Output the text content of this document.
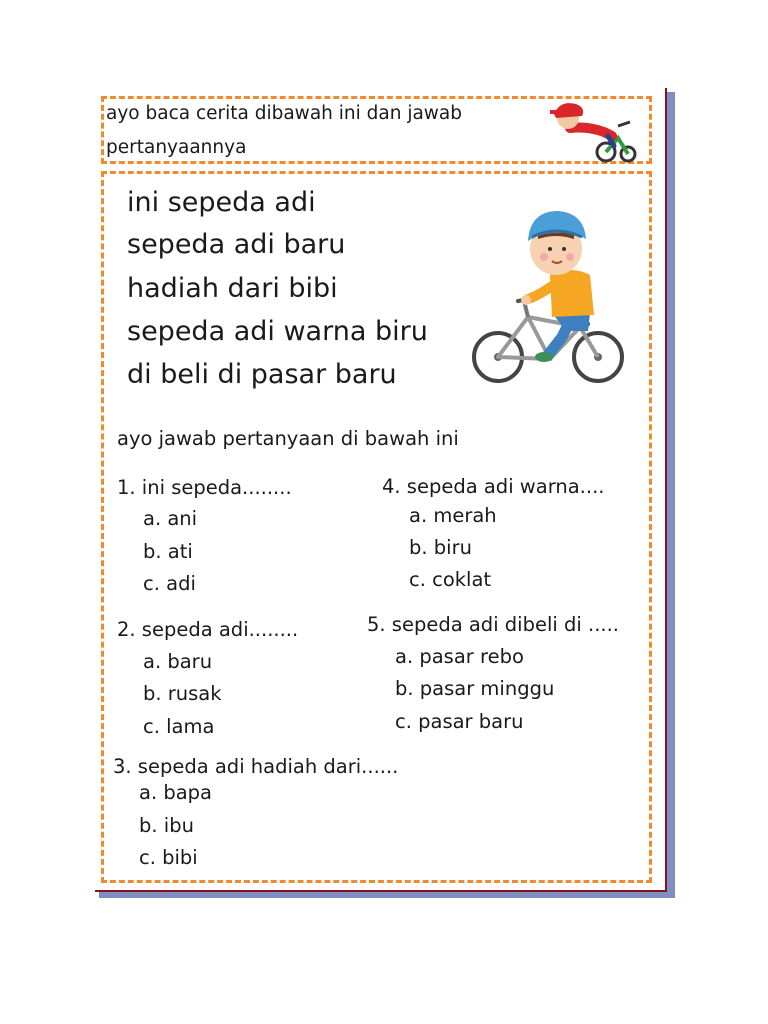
ayo baca cerita dibawah ini dan jawab
pertanyaannya
ini sepeda adi
sepeda adi baru
hadiah dari bibi
sepeda adi warna biru
di beli di pasar baru
ayo jawab pertanyaan di bawah ini
1. ini sepeda........
a. ani
b. ati
c. adi
4. sepeda adi warna....
a. merah
b. biru
c. coklat
2. sepeda adi........
a. baru
b. rusak
c. lama
5. sepeda adi dibeli di .....
a. pasar rebo
b. pasar minggu
c. pasar baru
3. sepeda adi hadiah dari......
a. bapa
b. ibu
c. bibi
